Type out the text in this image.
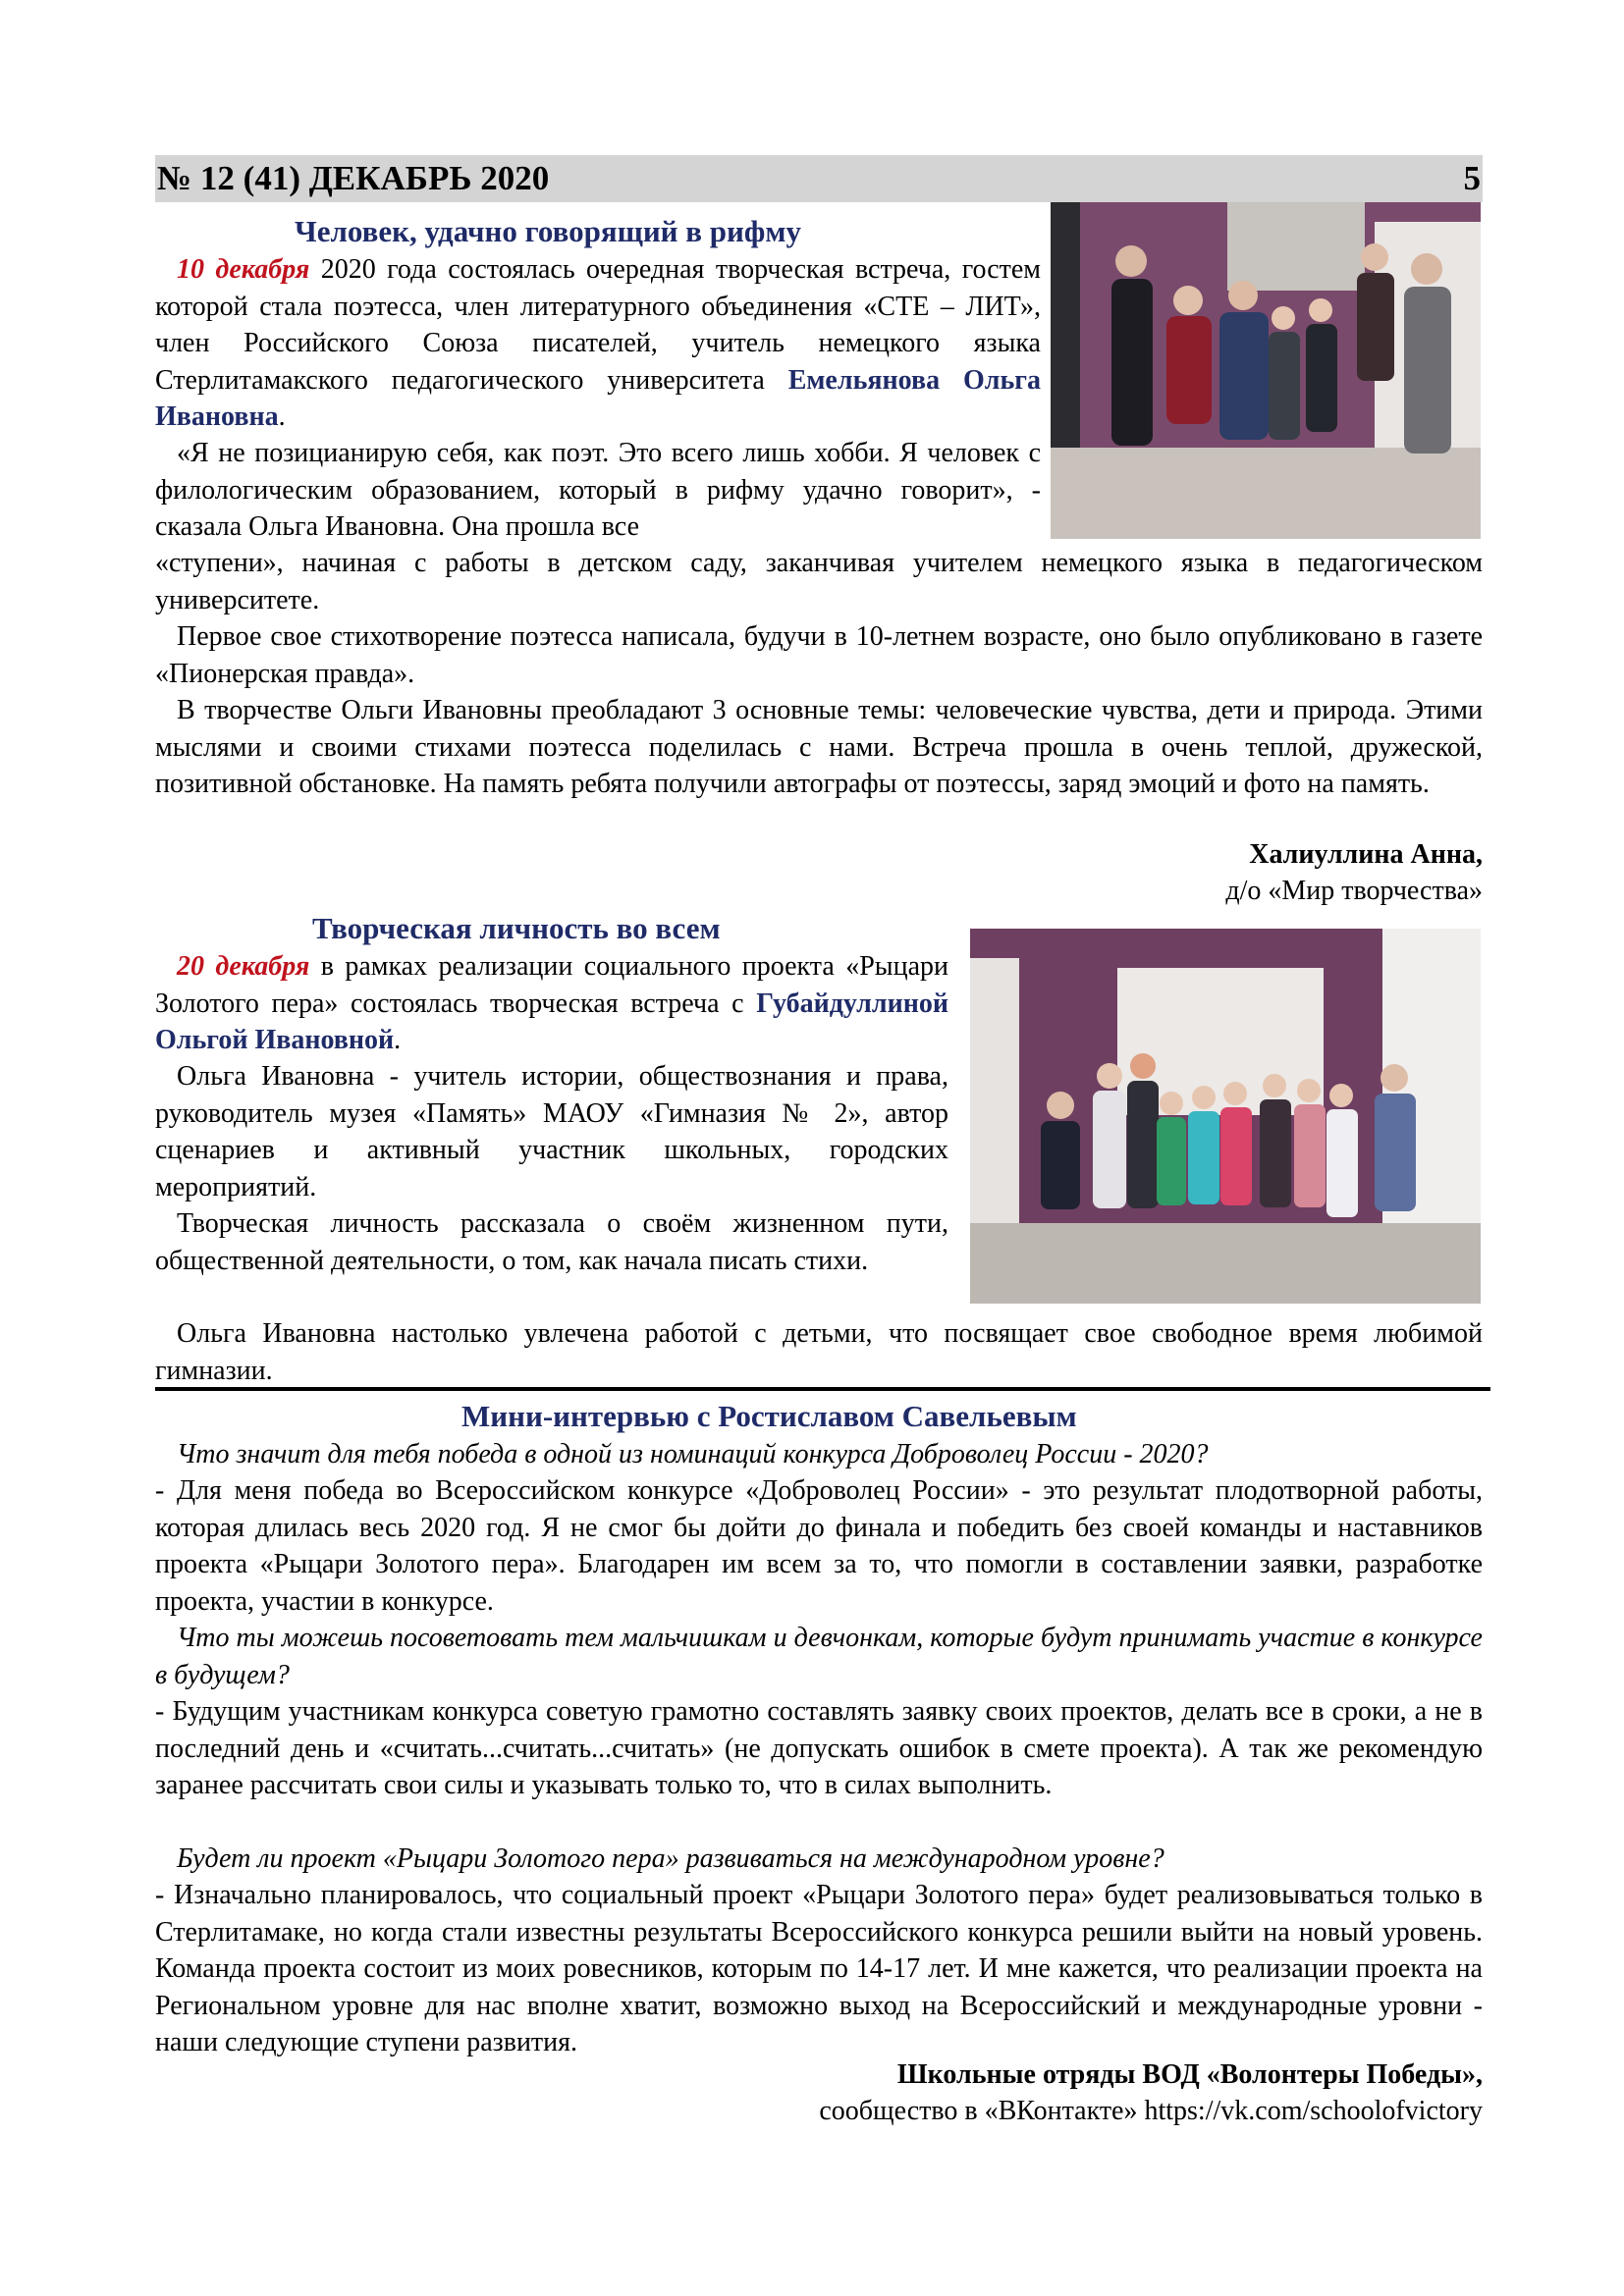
№ 12 (41) ДЕКАБРЬ 2020	5
Человек, удачно говорящий в рифму

10 декабря 2020 года состоялась очередная творческая встреча, гостем которой стала поэтесса, член литературного объединения «СТЕ – ЛИТ», член Российского Союза писателей, учитель немецкого языка Стерлитамакского педагогического университета Емельянова Ольга Ивановна.

«Я не позицианирую себя, как поэт. Это всего лишь хобби. Я человек с филологическим образованием, который в рифму удачно говорит», - сказала Ольга Ивановна. Она прошла все

«ступени», начиная с работы в детском саду, заканчивая учителем немецкого языка в педагогическом университете.

Первое свое стихотворение поэтесса написала, будучи в 10-летнем возрасте, оно было опубликовано в газете «Пионерская правда».

В творчестве Ольги Ивановны преобладают 3 основные темы: человеческие чувства, дети и природа. Этими мыслями и своими стихами поэтесса поделилась с нами. Встреча прошла в очень теплой, дружеской, позитивной обстановке. На память ребята получили автографы от поэтессы, заряд эмоций и фото на память.

Халиуллина Анна,
д/о «Мир творчества»
Творческая личность во всем

20 декабря в рамках реализации социального проекта «Рыцари Золотого пера» состоялась творческая встреча с Губайдуллиной Ольгой Ивановной.

Ольга Ивановна - учитель истории, обществознания и права, руководитель музея «Память» МАОУ «Гимназия № 2», автор сценариев и активный участник школьных, городских мероприятий.

Творческая личность рассказала о своём жизненном пути, общественной деятельности, о том, как начала писать стихи.

Ольга Ивановна настолько увлечена работой с детьми, что посвящает свое свободное время любимой гимназии.

Мини-интервью с Ростиславом Савельевым

Что значит для тебя победа в одной из номинаций конкурса Доброволец России - 2020?

- Для меня победа во Всероссийском конкурсе «Доброволец России» - это результат плодотворной работы, которая длилась весь 2020 год. Я не смог бы дойти до финала и победить без своей команды и наставников проекта «Рыцари Золотого пера». Благодарен им всем за то, что помогли в составлении заявки, разработке проекта, участии в конкурсе.

Что ты можешь посоветовать тем мальчишкам и девчонкам, которые будут принимать участие в конкурсе в будущем?

- Будущим участникам конкурса советую грамотно составлять заявку своих проектов, делать все в сроки, а не в последний день и «считать...считать...считать» (не допускать ошибок в смете проекта). А так же рекомендую заранее рассчитать свои силы и указывать только то, что в силах выполнить.

Будет ли проект «Рыцари Золотого пера» развиваться на международном уровне?

- Изначально планировалось, что социальный проект «Рыцари Золотого пера» будет реализовываться только в Стерлитамаке, но когда стали известны результаты Всероссийского конкурса решили выйти на новый уровень. Команда проекта состоит из моих ровесников, которым по 14-17 лет. И мне кажется, что реализации проекта на Региональном уровне для нас вполне хватит, возможно выход на Всероссийский и международные уровни - наши следующие ступени развития.

Школьные отряды ВОД «Волонтеры Победы»,
сообщество в «ВКонтакте» https://vk.com/schoolofvictory
